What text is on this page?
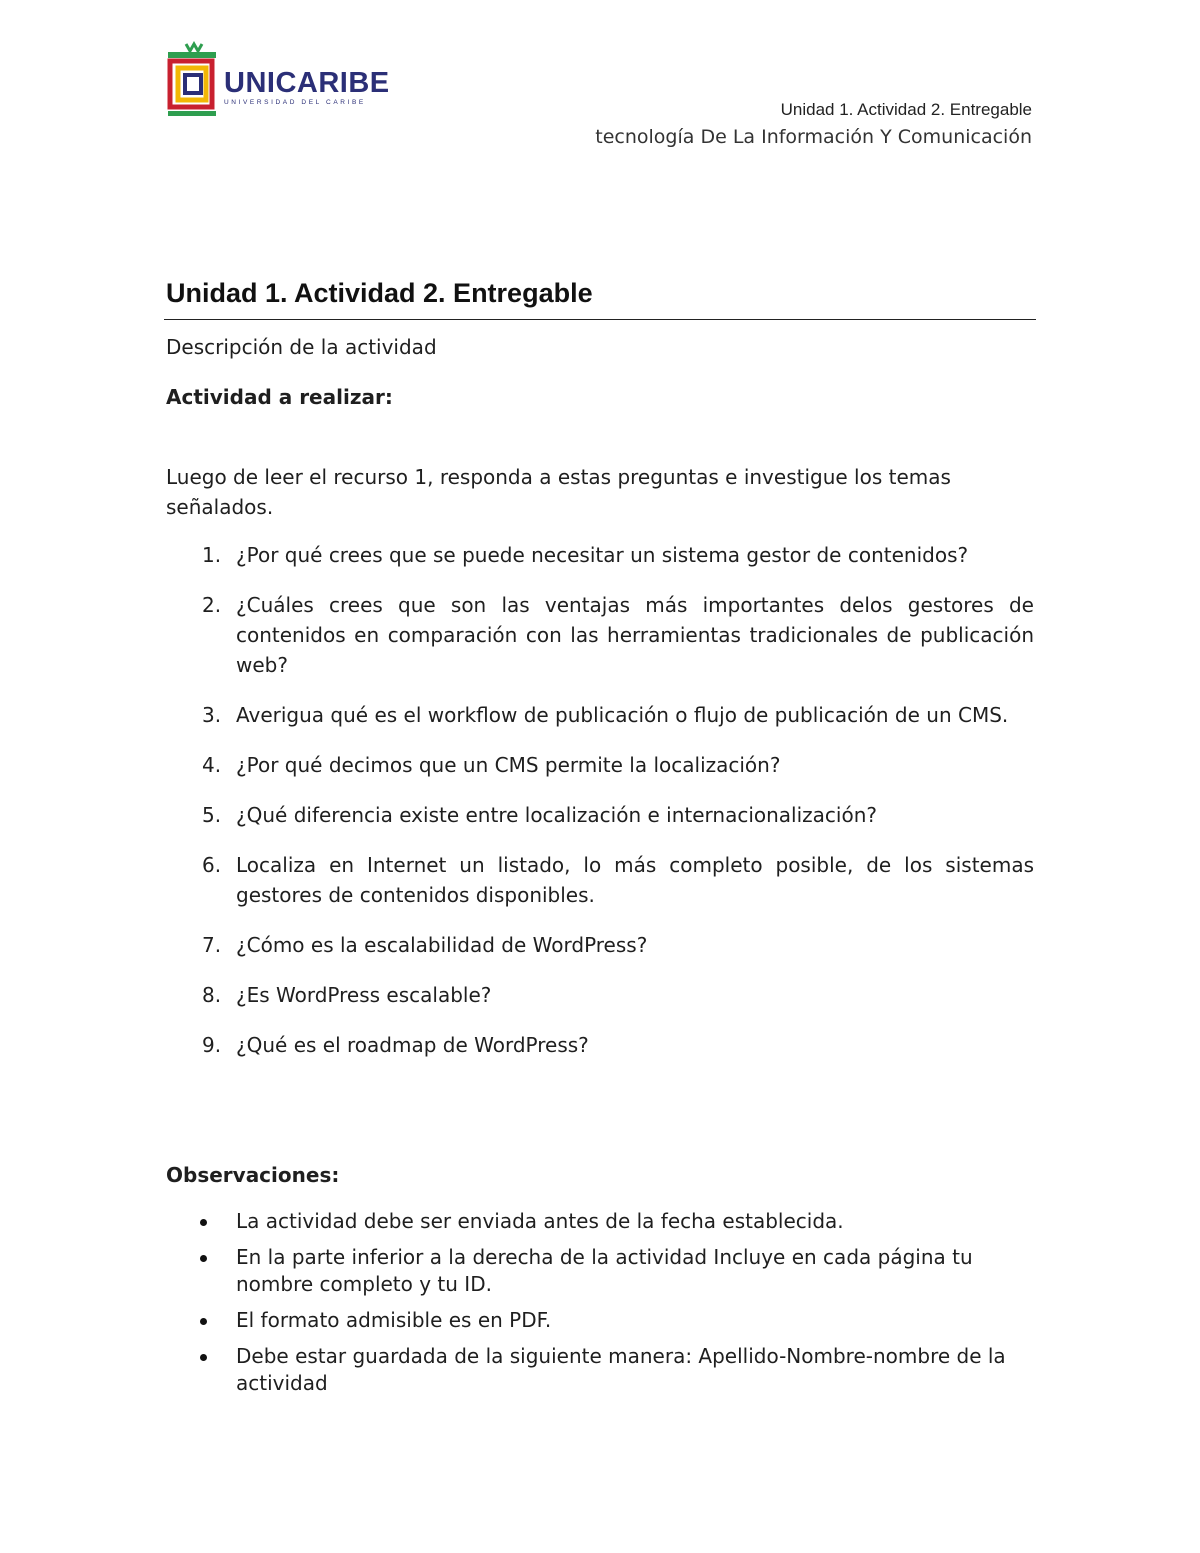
UNICARIBE
UNIVERSIDAD DEL CARIBE	Unidad 1. Actividad 2. Entregable
tecnología De La Información Y Comunicación
Unidad 1. Actividad 2. Entregable

Descripción de la actividad

Actividad a realizar:

Luego de leer el recurso 1, responda a estas preguntas e investigue los temas señalados.

1. ¿Por qué crees que se puede necesitar un sistema gestor de contenidos?
2. ¿Cuáles crees que son las ventajas más importantes delos gestores de contenidos en comparación con las herramientas tradicionales de publicación web?
3. Averigua qué es el workflow de publicación o flujo de publicación de un CMS.
4. ¿Por qué decimos que un CMS permite la localización?
5. ¿Qué diferencia existe entre localización e internacionalización?
6. Localiza en Internet un listado, lo más completo posible, de los sistemas gestores de contenidos disponibles.
7. ¿Cómo es la escalabilidad de WordPress?
8. ¿Es WordPress escalable?
9. ¿Qué es el roadmap de WordPress?

Observaciones:

La actividad debe ser enviada antes de la fecha establecida.
En la parte inferior a la derecha de la actividad Incluye en cada página tu nombre completo y tu ID.
El formato admisible es en PDF.
Debe estar guardada de la siguiente manera: Apellido-Nombre-nombre de la actividad
